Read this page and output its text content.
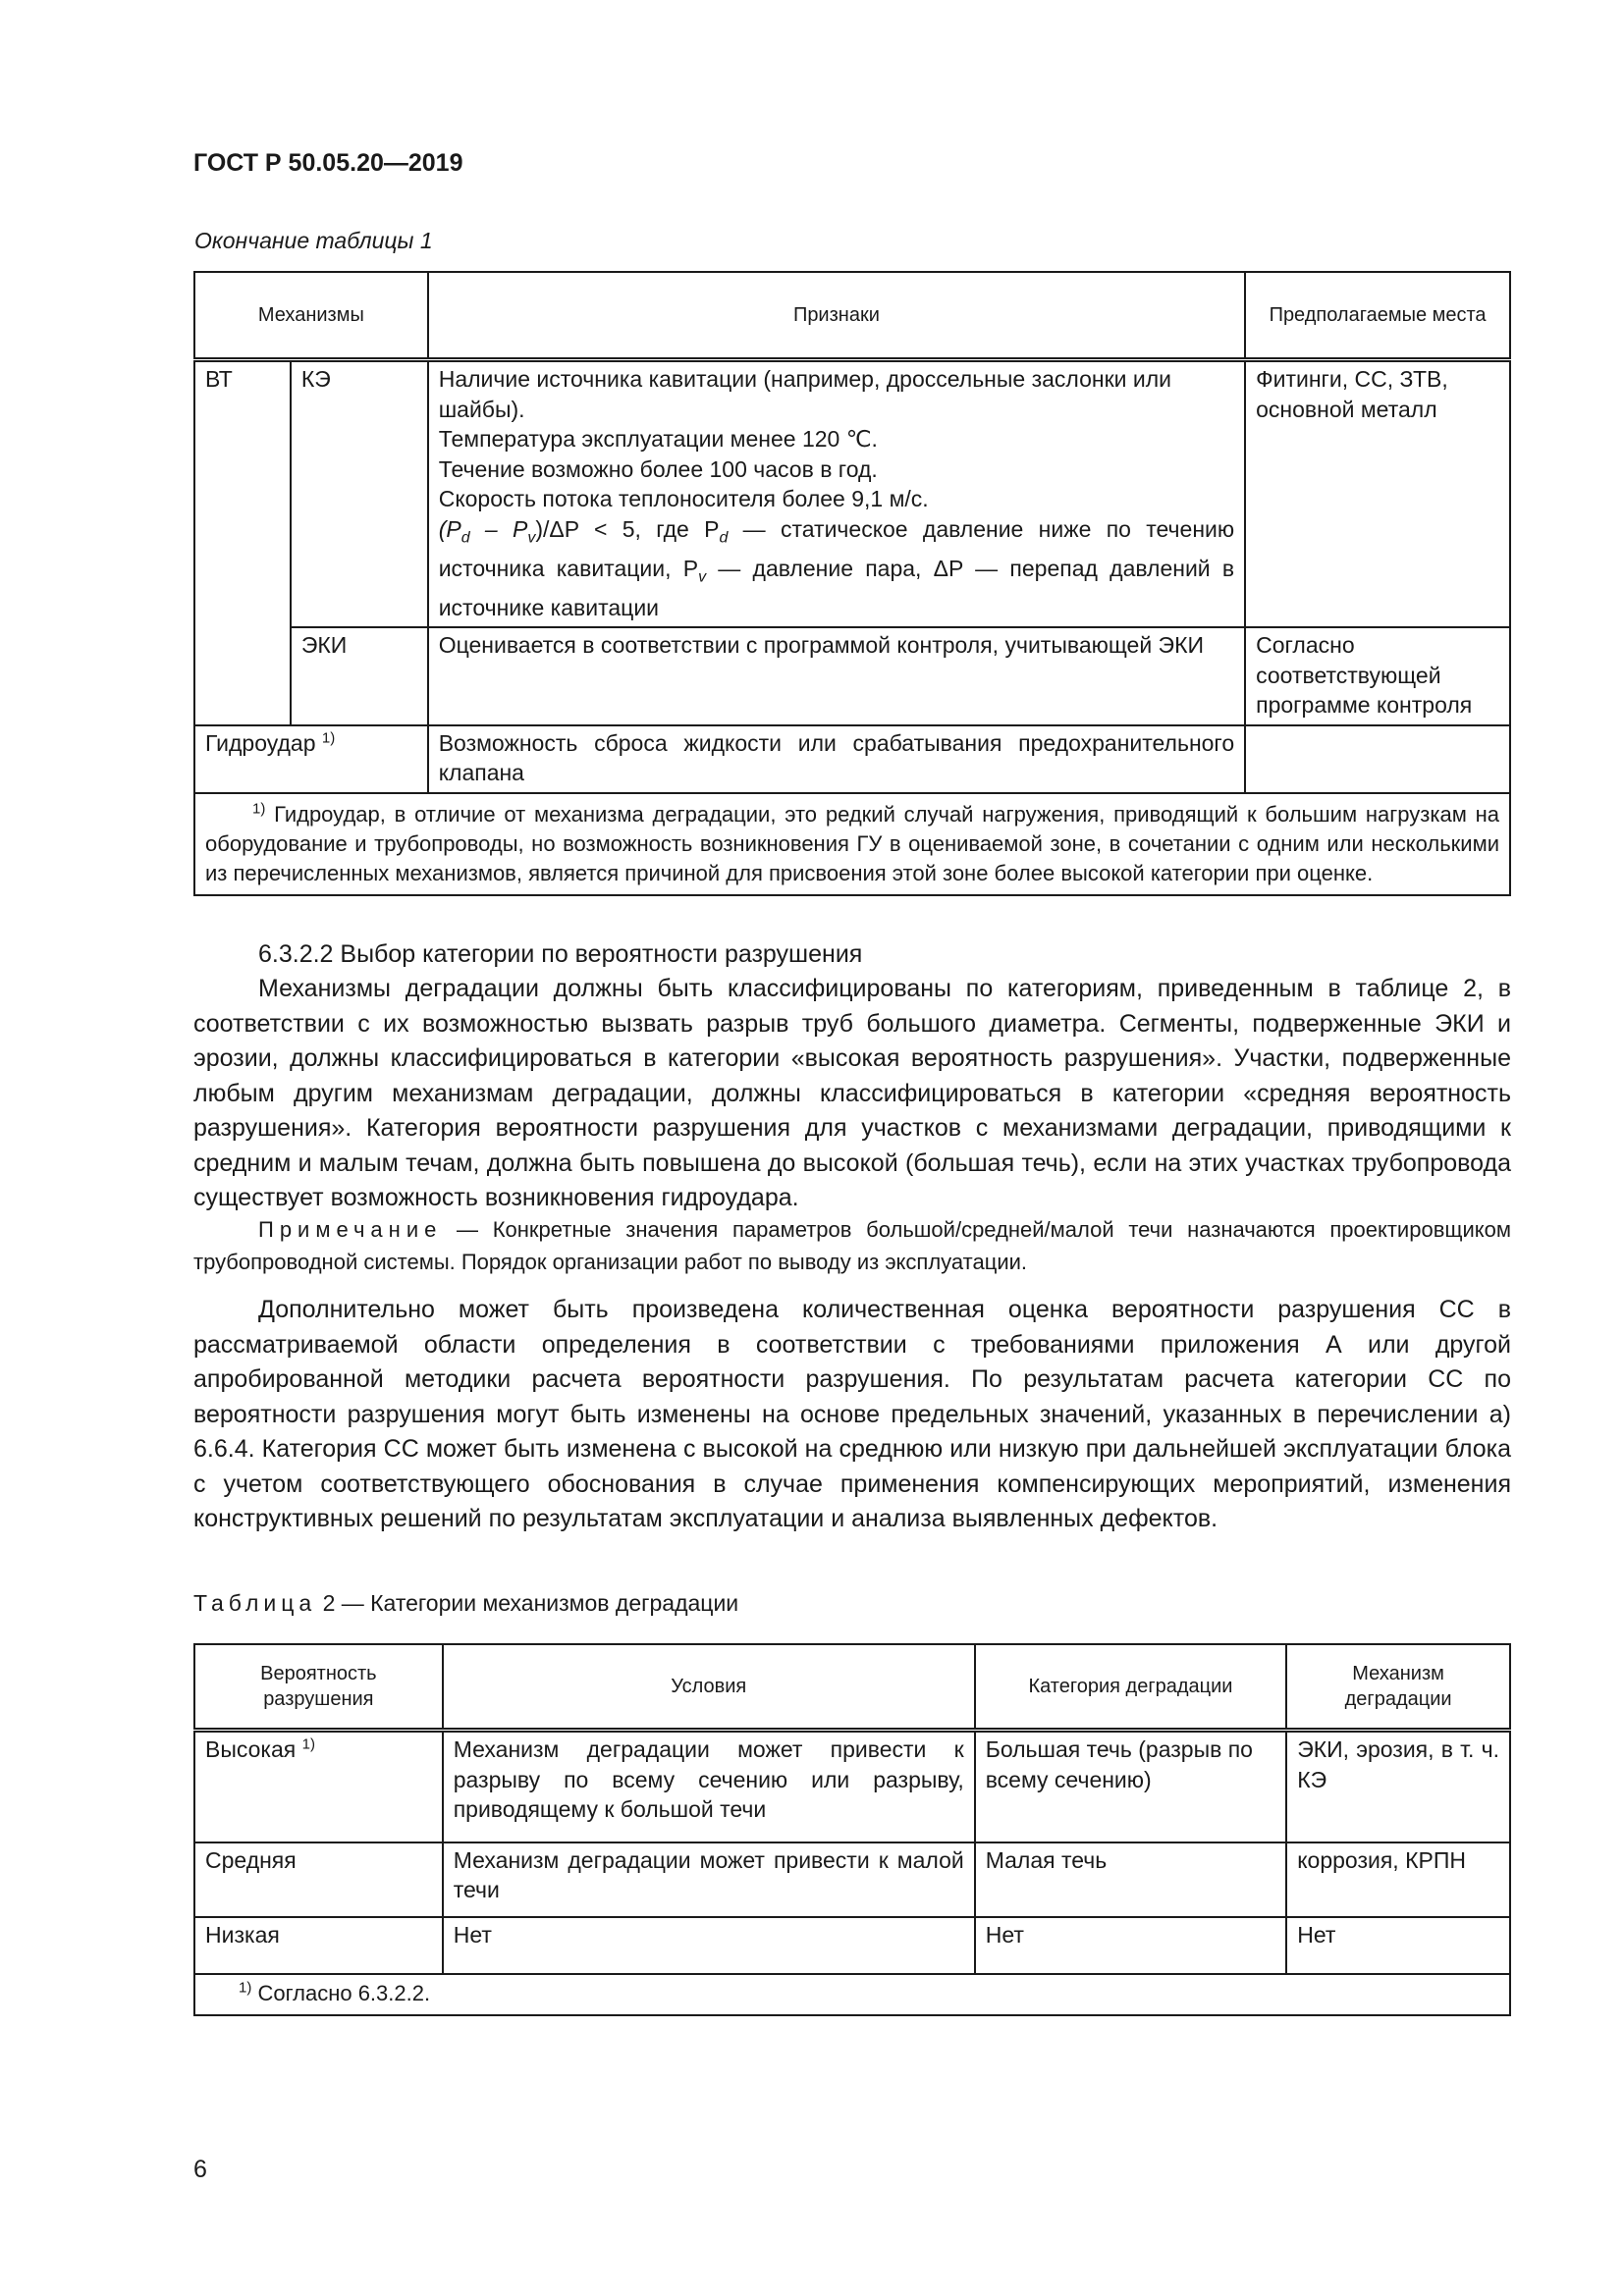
ГОСТ Р 50.05.20—2019
Окончание таблицы 1
Механизмы		Признаки	Предполагаемые места
ВТ	КЭ	Наличие источника кавитации (например, дроссельные заслонки или шайбы).
Температура эксплуатации менее 120 ℃.
Течение возможно более 100 часов в год.
Скорость потока теплоносителя более 9,1 м/с.
$(P_d - P_v)/\Delta P < 5$, где $P_d$ — статическое давление ниже по течению источника кавитации, $P_v$ — давление пара, ΔP — перепад давлений в источнике кавитации	Фитинги, СС, ЗТВ, основной металл
	ЭКИ	Оценивается в соответствии с программой контроля, учитывающей ЭКИ	Согласно соответствующей программе контроля
Гидроудар $^{1)}$		Возможность сброса жидкости или срабатывания предохранительного клапана	
$^{1)}$ Гидроудар, в отличие от механизма деградации, это редкий случай нагружения, приводящий к большим нагрузкам на оборудование и трубопроводы, но возможность возникновения ГУ в оцениваемой зоне, в сочетании с одним или несколькими из перечисленных механизмов, является причиной для присвоения этой зоне более высокой категории при оценке.			

6.3.2.2 Выбор категории по вероятности разрушения

Механизмы деградации должны быть классифицированы по категориям, приведенным в таблице 2, в соответствии с их возможностью вызвать разрыв труб большого диаметра. Сегменты, подверженные ЭКИ и эрозии, должны классифицироваться в категории «высокая вероятность разрушения». Участки, подверженные любым другим механизмам деградации, должны классифицироваться в категории «средняя вероятность разрушения». Категория вероятности разрушения для участков с механизмами деградации, приводящими к средним и малым течам, должна быть повышена до высокой (большая течь), если на этих участках трубопровода существует возможность возникновения гидроудара.

Примечание — Конкретные значения параметров большой/средней/малой течи назначаются проектировщиком трубопроводной системы. Порядок организации работ по выводу из эксплуатации.

Дополнительно может быть произведена количественная оценка вероятности разрушения СС в рассматриваемой области определения в соответствии с требованиями приложения А или другой апробированной методики расчета вероятности разрушения. По результатам расчета категории СС по вероятности разрушения могут быть изменены на основе предельных значений, указанных в перечислении а) 6.6.4. Категория СС может быть изменена с высокой на среднюю или низкую при дальнейшей эксплуатации блока с учетом соответствующего обоснования в случае применения компенсирующих мероприятий, изменения конструктивных решений по результатам эксплуатации и анализа выявленных дефектов.

Таблица 2 — Категории механизмов деградации
Вероятность разрушения	Условия	Категория деградации	Механизм деградации
Высокая $^{1)}$	Механизм деградации может привести к разрыву по всему сечению или разрыву, приводящему к большой течи	Большая течь (разрыв по всему сечению)	ЭКИ, эрозия, в т. ч. КЭ
Средняя	Механизм деградации может привести к малой течи	Малая течь	коррозия, КРПН
Низкая	Нет	Нет	Нет
$^{1)}$ Согласно 6.3.2.2.			
6
